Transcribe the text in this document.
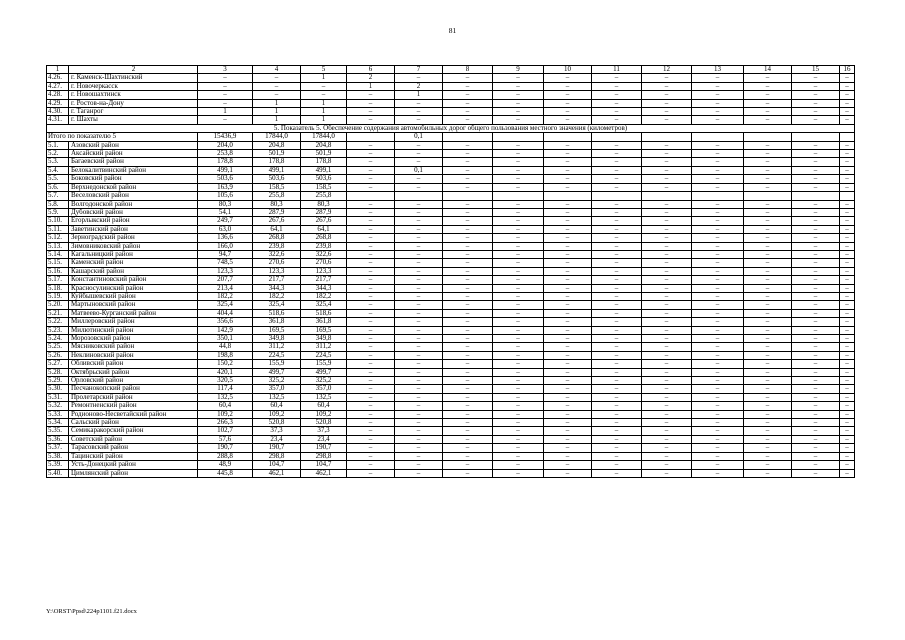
81
1	2	3	4	5	6	7	8	9	10	11	12	13	14	15	16	
4.26.	г. Каменск-Шахтинский	–	–	1	2	–	–	–	–	–	–	–	–	–	–	
4.27.	г. Новочеркасск	–	–	–	1	2	–	–	–	–	–	–	–	–	–	
4.28.	г. Новошахтинск	–	–	–	–	1	–	–	–	–	–	–	–	–	–	
4.29.	г. Ростов-на-Дону	–	1	1	–	–	–	–	–	–	–	–	–	–	–	
4.30.	г. Таганрог	1	1	1	–	–	–	–	–	–	–	–	–	–	–	
4.31.	г. Шахты	–	1	1	–	–	–	–	–	–	–	–	–	–	–	
5. Показатель 5. Обеспечение содержания автомобильных дорог общего пользования местного значения (километров)																
Итого по показателю 5		15436,9	17844,0	17844,0		0,1										
5.1.	Азовский район	204,0	204,8	204,8	–	–	–	–	–	–	–	–	–	–	–	
5.2.	Аксайский район	253,8	501,9	501,9	–	–	–	–	–	–	–	–	–	–	–	
5.3.	Багаевский район	178,8	178,8	178,8	–	–	–	–	–	–	–	–	–	–	–	
5.4.	Белокалитвинский район	499,1	499,1	499,1	–	0,1	–	–	–	–	–	–	–	–	–	
5.5.	Боковский район	503,6	503,6	503,6	–	–	–	–	–	–	–	–	–	–	–	
5.6.	Верхнедонской район	163,9	158,5	158,5	–	–	–	–	–	–	–	–	–	–	–	
5.7.	Веселовский район	105,6	255,8	255,8												
5.8.	Волгодонской район	80,3	80,3	80,3	–	–	–	–	–	–	–	–	–	–	–	
5.9.	Дубовский район	54,1	287,9	287,9	–	–	–	–	–	–	–	–	–	–	–	
5.10.	Егорлыкский район	249,7	267,6	267,6	–	–	–	–	–	–	–	–	–	–	–	
5.11.	Заветинский район	63,0	64,1	64,1	–	–	–	–	–	–	–	–	–	–	–	
5.12.	Зерноградский район	136,6	268,8	268,8	–	–	–	–	–	–	–	–	–	–	–	
5.13.	Зимовниковский район	166,0	239,8	239,8	–	–	–	–	–	–	–	–	–	–	–	
5.14.	Кагальницкий район	94,7	322,6	322,6	–	–	–	–	–	–	–	–	–	–	–	
5.15.	Каменский район	748,5	270,6	270,6	–	–	–	–	–	–	–	–	–	–	–	
5.16.	Кашарский район	123,3	123,3	123,3	–	–	–	–	–	–	–	–	–	–	–	
5.17.	Константиновский район	207,7	217,7	217,7	–	–	–	–	–	–	–	–	–	–	–	
5.18.	Красносулинский район	213,4	344,3	344,3	–	–	–	–	–	–	–	–	–	–	–	
5.19.	Куйбышевский район	182,2	182,2	182,2	–	–	–	–	–	–	–	–	–	–	–	
5.20.	Мартыновский район	325,4	325,4	325,4	–	–	–	–	–	–	–	–	–	–	–	
5.21.	Матвеево-Курганский район	404,4	518,6	518,6	–	–	–	–	–	–	–	–	–	–	–	
5.22.	Миллеровский район	356,6	361,8	361,8	–	–	–	–	–	–	–	–	–	–	–	
5.23.	Милютинский район	142,9	169,5	169,5	–	–	–	–	–	–	–	–	–	–	–	
5.24.	Морозовский район	350,1	349,8	349,8	–	–	–	–	–	–	–	–	–	–	–	
5.25.	Мясниковский район	44,8	311,2	311,2	–	–	–	–	–	–	–	–	–	–	–	
5.26.	Неклиновский район	198,8	224,5	224,5	–	–	–	–	–	–	–	–	–	–	–	
5.27.	Обливский район	150,2	155,9	155,9	–	–	–	–	–	–	–	–	–	–	–	
5.28.	Октябрьский район	420,1	499,7	499,7	–	–	–	–	–	–	–	–	–	–	–	
5.29.	Орловский район	320,5	325,2	325,2	–	–	–	–	–	–	–	–	–	–	–	
5.30.	Песчанокопский район	117,4	357,0	357,0	–	–	–	–	–	–	–	–	–	–	–	
5.31.	Пролетарский район	132,5	132,5	132,5	–	–	–	–	–	–	–	–	–	–	–	
5.32.	Ремонтненский район	60,4	60,4	60,4	–	–	–	–	–	–	–	–	–	–	–	
5.33.	Родионово-Несветайский район	109,2	109,2	109,2	–	–	–	–	–	–	–	–	–	–	–	
5.34.	Сальский район	266,3	520,8	520,8	–	–	–	–	–	–	–	–	–	–	–	
5.35.	Семикаракорский район	102,7	37,3	37,3	–	–	–	–	–	–	–	–	–	–	–	
5.36.	Советский район	57,6	23,4	23,4	–	–	–	–	–	–	–	–	–	–	–	
5.37.	Тарасовский район	190,7	190,7	190,7	–	–	–	–	–	–	–	–	–	–	–	
5.38.	Тацинский район	288,8	298,8	298,8	–	–	–	–	–	–	–	–	–	–	–	
5.39.	Усть-Донецкий район	48,9	104,7	104,7	–	–	–	–	–	–	–	–	–	–	–	
5.40.	Цимлянский район	445,8	462,1	462,1	–	–	–	–	–	–	–	–	–	–	–	
Y:\ORST\Ppsd\224p1101.f21.docx
